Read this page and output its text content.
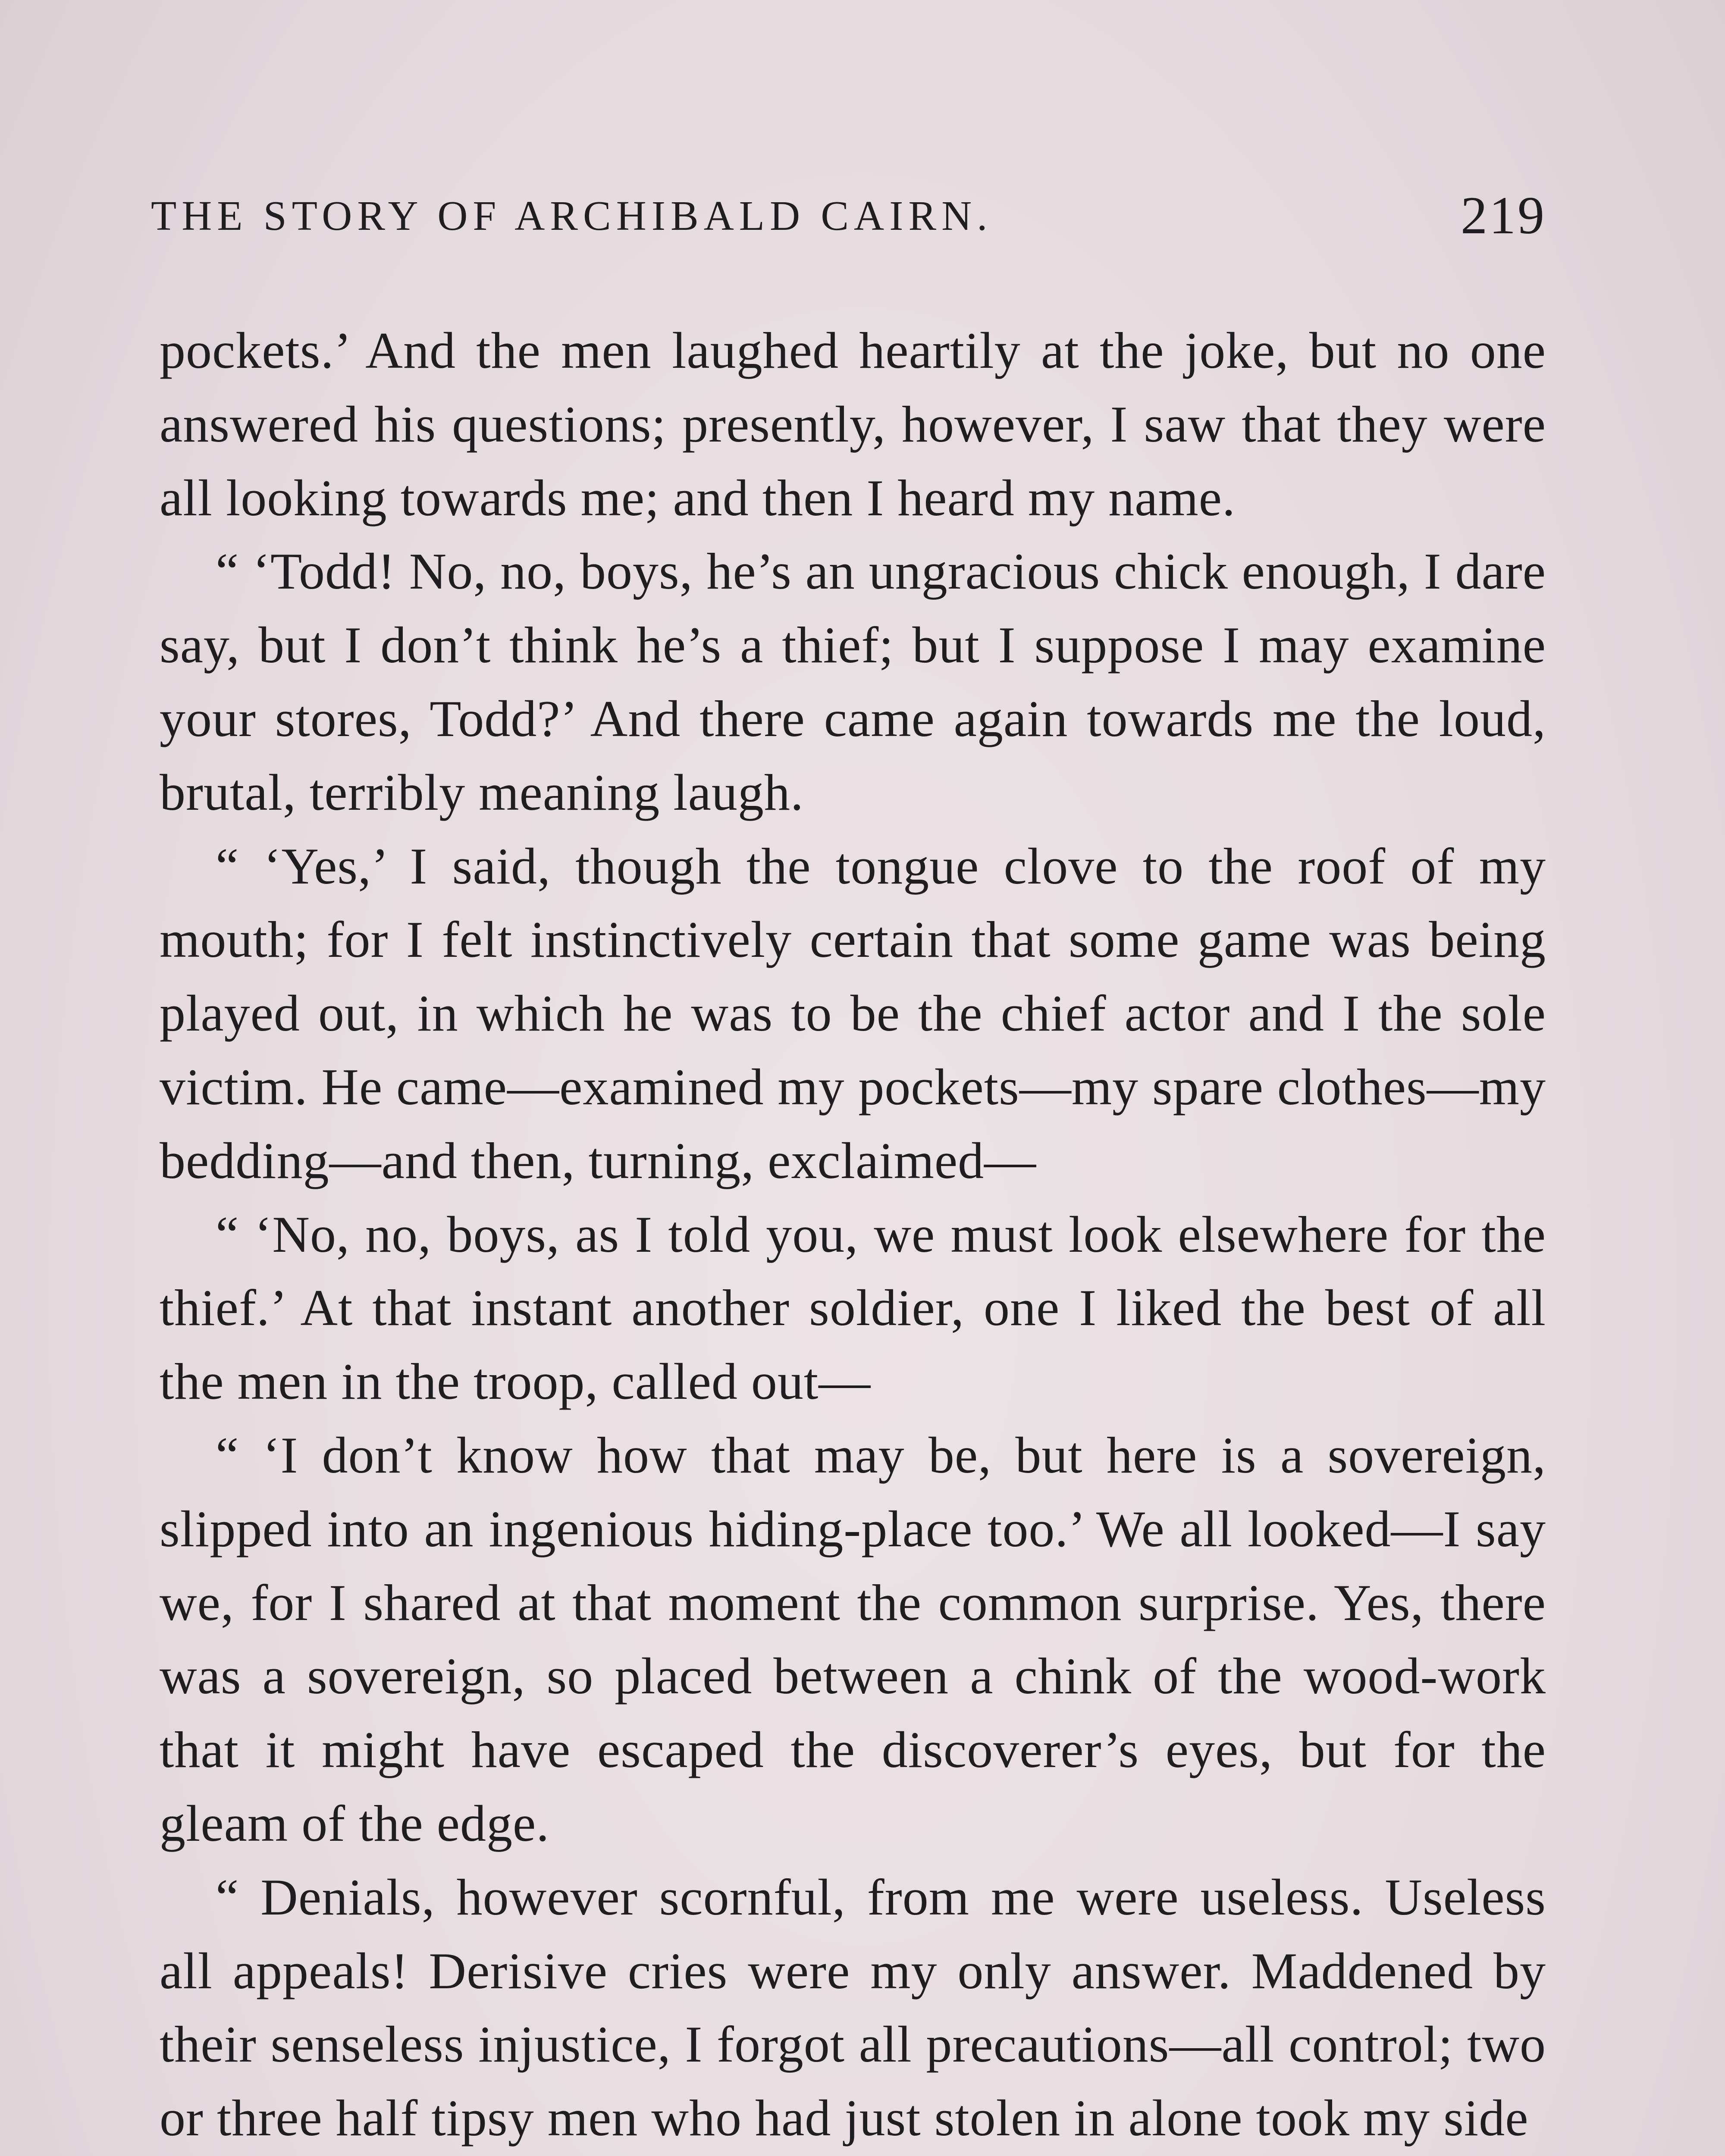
THE STORY OF ARCHIBALD CAIRN.	219

pockets.’ And the men laughed heartily at the joke, but no one answered his questions; presently, however, I saw that they were all looking towards me; and then I heard my name.

“ ‘Todd! No, no, boys, he’s an ungracious chick enough, I dare say, but I don’t think he’s a thief; but I suppose I may examine your stores, Todd?’ And there came again towards me the loud, brutal, terribly meaning laugh.

“ ‘Yes,’ I said, though the tongue clove to the roof of my mouth; for I felt instinctively certain that some game was being played out, in which he was to be the chief actor and I the sole victim. He came—examined my pockets—my spare clothes—my bedding—and then, turning, exclaimed—

“ ‘No, no, boys, as I told you, we must look elsewhere for the thief.’ At that instant another soldier, one I liked the best of all the men in the troop, called out—

“ ‘I don’t know how that may be, but here is a sovereign, slipped into an ingenious hiding-place too.’ We all looked—I say we, for I shared at that moment the common surprise. Yes, there was a sovereign, so placed between a chink of the wood-work that it might have escaped the discoverer’s eyes, but for the gleam of the edge.

“ Denials, however scornful, from me were useless. Useless all appeals! Derisive cries were my only answer. Maddened by their senseless injustice, I forgot all precautions—all control; two or three half tipsy men who had just stolen in alone took my side
